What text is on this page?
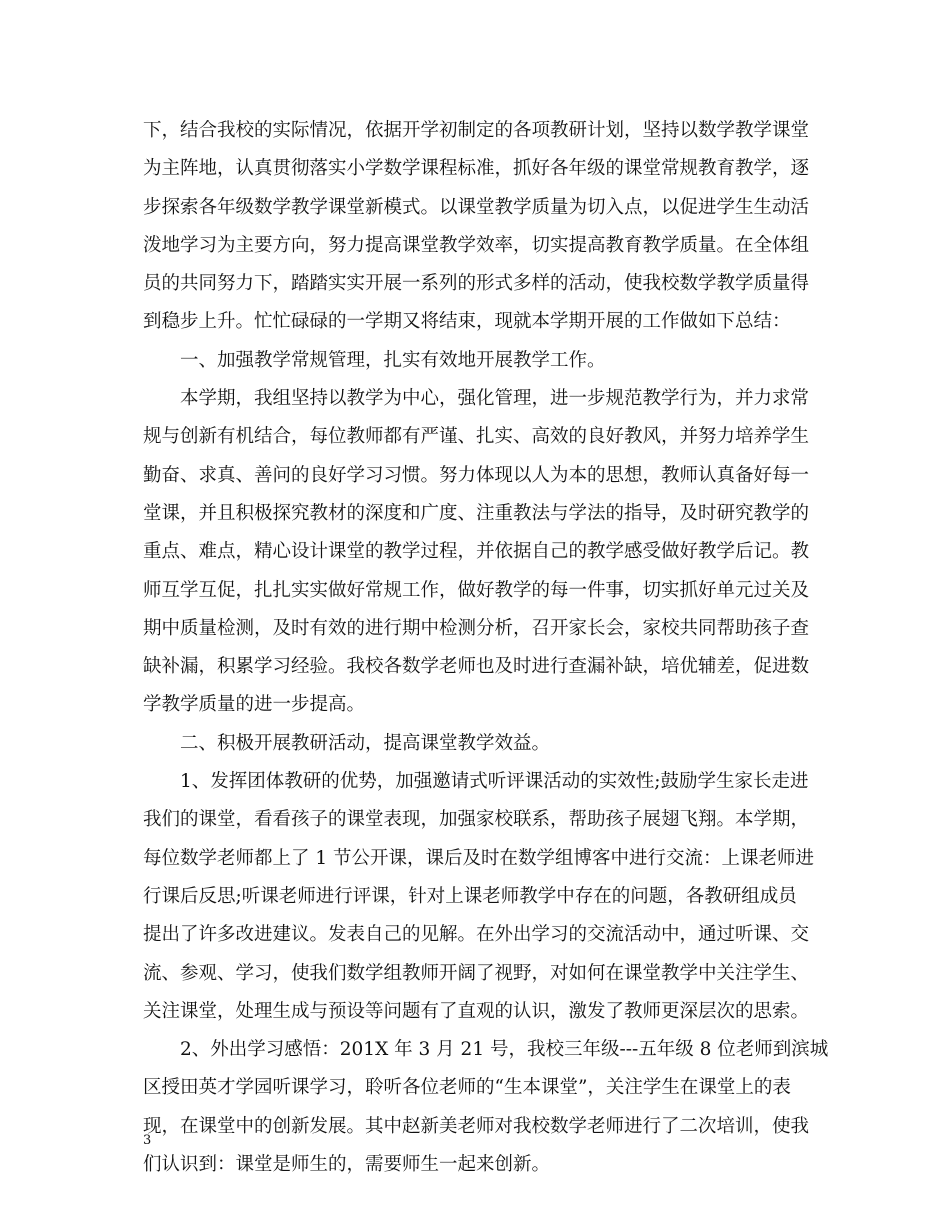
下，结合我校的实际情况，依据开学初制定的各项教研计划，坚持以数学教学课堂
为主阵地，认真贯彻落实小学数学课程标准，抓好各年级的课堂常规教育教学，逐
步探索各年级数学教学课堂新模式。以课堂教学质量为切入点，以促进学生生动活
泼地学习为主要方向，努力提高课堂教学效率，切实提高教育教学质量。在全体组
员的共同努力下，踏踏实实开展一系列的形式多样的活动，使我校数学教学质量得
到稳步上升。忙忙碌碌的一学期又将结束，现就本学期开展的工作做如下总结：
一、加强教学常规管理，扎实有效地开展教学工作。
本学期，我组坚持以教学为中心，强化管理，进一步规范教学行为，并力求常
规与创新有机结合，每位教师都有严谨、扎实、高效的良好教风，并努力培养学生
勤奋、求真、善问的良好学习习惯。努力体现以人为本的思想，教师认真备好每一
堂课，并且积极探究教材的深度和广度、注重教法与学法的指导，及时研究教学的
重点、难点，精心设计课堂的教学过程，并依据自己的教学感受做好教学后记。教
师互学互促，扎扎实实做好常规工作，做好教学的每一件事，切实抓好单元过关及
期中质量检测，及时有效的进行期中检测分析，召开家长会，家校共同帮助孩子查
缺补漏，积累学习经验。我校各数学老师也及时进行查漏补缺，培优辅差，促进数
学教学质量的进一步提高。
二、积极开展教研活动，提高课堂教学效益。
1、发挥团体教研的优势，加强邀请式听评课活动的实效性;鼓励学生家长走进
我们的课堂，看看孩子的课堂表现，加强家校联系，帮助孩子展翅飞翔。本学期，
每位数学老师都上了 1 节公开课，课后及时在数学组博客中进行交流：上课老师进
行课后反思;听课老师进行评课，针对上课老师教学中存在的问题，各教研组成员
提出了许多改进建议。发表自己的见解。在外出学习的交流活动中，通过听课、交
流、参观、学习，使我们数学组教师开阔了视野，对如何在课堂教学中关注学生、
关注课堂，处理生成与预设等问题有了直观的认识，激发了教师更深层次的思索。
2、外出学习感悟：201X 年 3 月 21 号，我校三年级---五年级 8 位老师到滨城
区授田英才学园听课学习，聆听各位老师的“生本课堂”，关注学生在课堂上的表
现，在课堂中的创新发展。其中赵新美老师对我校数学老师进行了二次培训，使我
们认识到：课堂是师生的，需要师生一起来创新。
3
